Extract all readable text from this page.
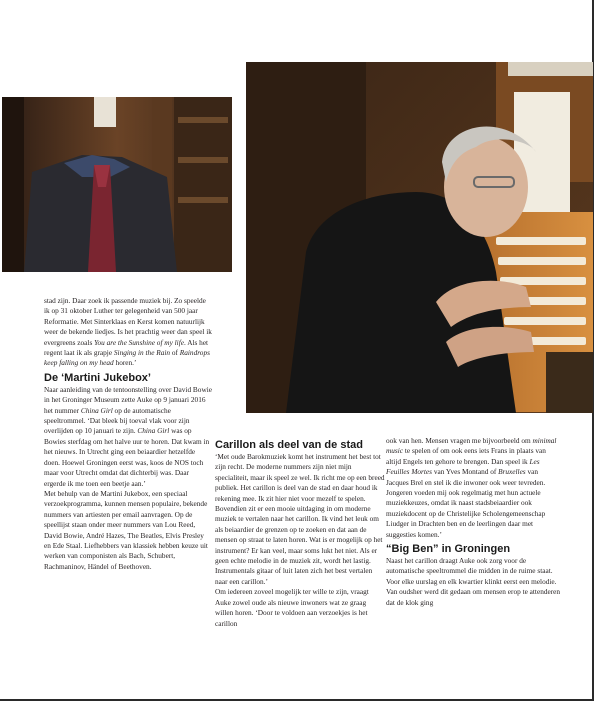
stad zijn. Daar zoek ik passende muziek bij. Zo speelde ik op 31 oktober Luther ter gelegenheid van 500 jaar Reformatie. Met Sinterklaas en Kerst komen natuurlijk weer de bekende liedjes. Is het prachtig weer dan speel ik evergreens zoals You are the Sunshine of my life. Als het regent laat ik als grapje Singing in the Rain of Raindrops keep falling on my head horen.’

De ‘Martini Jukebox’

Naar aanleiding van de tentoonstelling over David Bowie in het Groninger Museum zette Auke op 9 januari 2016 het nummer China Girl op de automatische speeltrommel. ‘Dat bleek bij toeval vlak voor zijn overlijden op 10 januari te zijn. China Girl was op Bowies sterfdag om het halve uur te horen. Dat kwam in het nieuws. In Utrecht ging een beiaardier hetzelfde doen. Hoewel Groningen eerst was, koos de NOS toch maar voor Utrecht omdat dat dichterbij was. Daar ergerde ik me toen een beetje aan.’

Met behulp van de Martini Jukebox, een speciaal verzoekprogramma, kunnen mensen populaire, bekende nummers van artiesten per email aanvragen. Op de speellijst staan onder meer nummers van Lou Reed, David Bowie, André Hazes, The Beatles, Elvis Presley en Ede Staal. Liefhebbers van klassiek hebben keuze uit werken van componisten als Bach, Schubert, Rachmaninov, Händel of Beethoven.

Carillon als deel van de stad

‘Met oude Barokmuziek komt het instrument het best tot zijn recht. De moderne nummers zijn niet mijn specialiteit, maar ik speel ze wel. Ik richt me op een breed publiek. Het carillon is deel van de stad en daar houd ik rekening mee. Ik zit hier niet voor mezelf te spelen. Bovendien zit er een mooie uitdaging in om moderne muziek te vertalen naar het carillon. Ik vind het leuk om als beiaardier de grenzen op te zoeken en dat aan de mensen op straat te laten horen. Wat is er mogelijk op het instrument? Er kan veel, maar soms lukt het niet. Als er geen echte melodie in de muziek zit, wordt het lastig. Instrumentals gitaar of luit laten zich het best vertalen naar een carillon.’

Om iedereen zoveel mogelijk ter wille te zijn, vraagt Auke zowel oude als nieuwe inwoners wat ze graag willen horen. ‘Door te voldoen aan verzoekjes is het carillon

ook van hen. Mensen vragen me bijvoorbeeld om minimal music te spelen of om ook eens iets Frans in plaats van altijd Engels ten gehore te brengen. Dan speel ik Les Feuilles Mortes van Yves Montand of Bruxelles van Jacques Brel en stel ik die inwoner ook weer tevreden. Jongeren voeden mij ook regelmatig met hun actuele muziekkeuzes, omdat ik naast stadsbeiaardier ook muziekdocent op de Christelijke Scholengemeenschap Liudger in Drachten ben en de leerlingen daar met suggesties komen.’

“Big Ben” in Groningen

Naast het carillon draagt Auke ook zorg voor de automatische speeltrommel die midden in de ruime staat. Voor elke uurslag en elk kwartier klinkt eerst een melodie. Van oudsher werd dit gedaan om mensen erop te attenderen dat de klok ging
